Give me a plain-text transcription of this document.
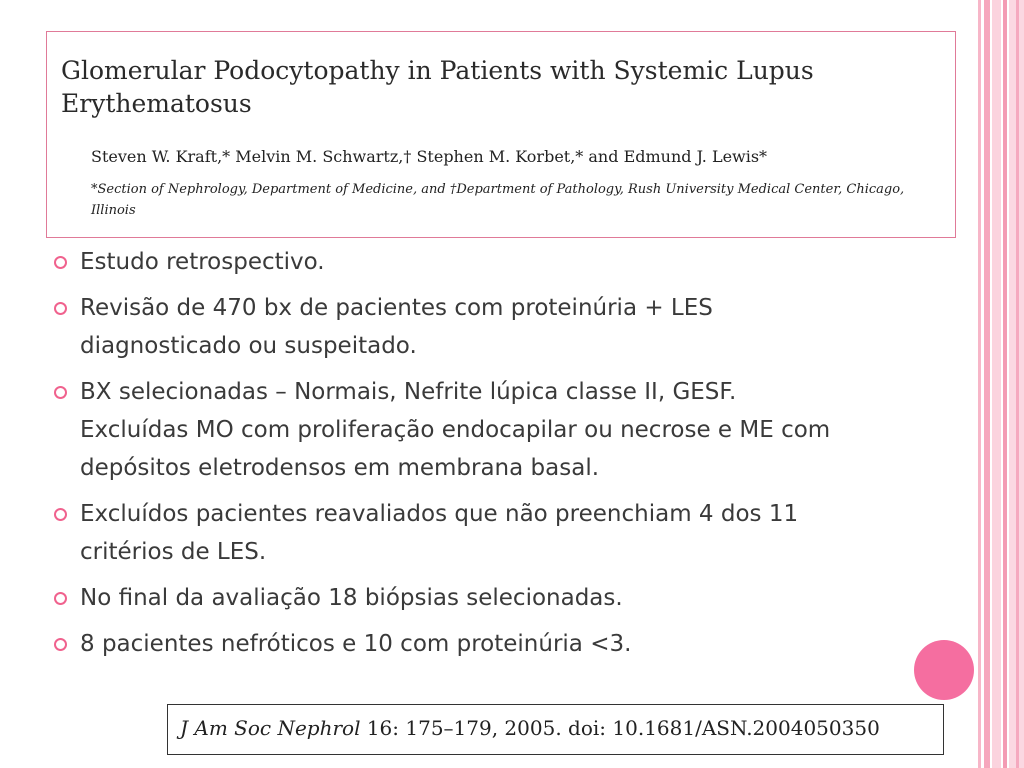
Glomerular Podocytopathy in Patients with Systemic Lupus Erythematosus
Steven W. Kraft,* Melvin M. Schwartz,† Stephen M. Korbet,* and Edmund J. Lewis*
*Section of Nephrology, Department of Medicine, and †Department of Pathology, Rush University Medical Center, Chicago, Illinois
Estudo retrospectivo.
Revisão de 470 bx de pacientes com proteinúria + LES diagnosticado ou suspeitado.
BX selecionadas – Normais, Nefrite lúpica classe II, GESF. Excluídas MO com proliferação endocapilar ou necrose e ME com depósitos eletrodensos em membrana basal.
Excluídos pacientes reavaliados que não preenchiam 4 dos 11 critérios de LES.
No final da avaliação 18 biópsias selecionadas.
8 pacientes nefróticos e 10 com proteinúria <3.
J Am Soc Nephrol 16: 175–179, 2005. doi: 10.1681/ASN.2004050350
